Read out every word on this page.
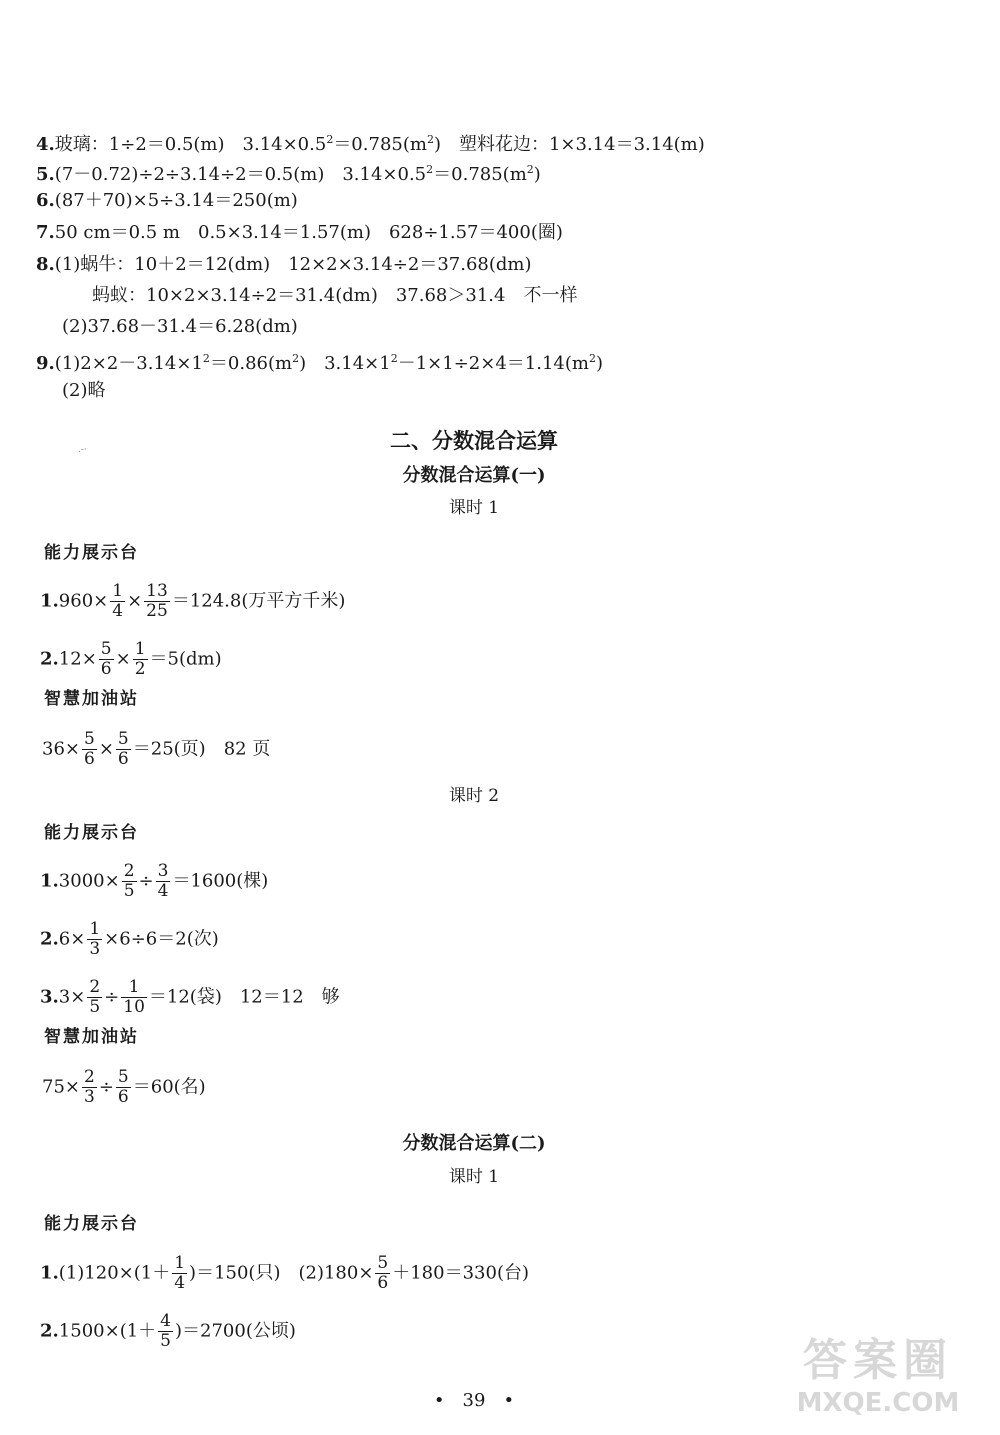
4.玻璃：1÷2＝0.5(m)　$3.14\times 0.5^2=0.785(m^2)$　塑料花边：1×3.14＝3.14(m)
5.(7－0.72)÷2÷3.14÷2＝0.5(m)　$3.14\times 0.5^2=0.785(m^2)$
6.(87＋70)×5÷3.14＝250(m)
7.50 cm＝0.5 m　0.5×3.14＝1.57(m)　628÷1.57＝400(圈)
8.(1)蜗牛：10＋2＝12(dm)　12×2×3.14÷2＝37.68(dm)
蚂蚁：10×2×3.14÷2＝31.4(dm)　37.68＞31.4　不一样
(2)37.68－31.4＝6.28(dm)
$9.(1)2\times 2-3.14\times 1^2=0.86(m^2)$　$3.14\times 1^2-1\times 1\div 2\times 4=1.14(m^2)$
(2)略
.-·	二、分数混合运算
分数混合运算(一)
课时 1
能力展示台
$1.960\times \frac{1}{4} \times \frac{13}{25} =124.8$(万平方千米)
$2.12\times \frac{5}{6} \times \frac{1}{2} =5(dm)$
智慧加油站
$36\times \frac{5}{6} \times \frac{5}{6} =25$(页)　82 页
课时 2
能力展示台
$1.3000\times \frac{2}{5} \div \frac{3}{4} =1600$(棵)
$2.6\times \frac{1}{3} \times 6\div 6=2$(次)
$3.3\times \frac{2}{5} \div \frac{1}{10} =12$(袋)　12＝12　够
智慧加油站
$75\times \frac{2}{3} \div \frac{5}{6} =60$(名)
分数混合运算(二)
课时 1
能力展示台
$1.(1)120\times(1+ \frac{1}{4} )=150$(只)　$(2)180\times \frac{5}{6} +180=330$(台)
$2.1500\times(1+ \frac{4}{5} )=2700$(公顷)
•　39　•
答案圈
MXQE.COM
